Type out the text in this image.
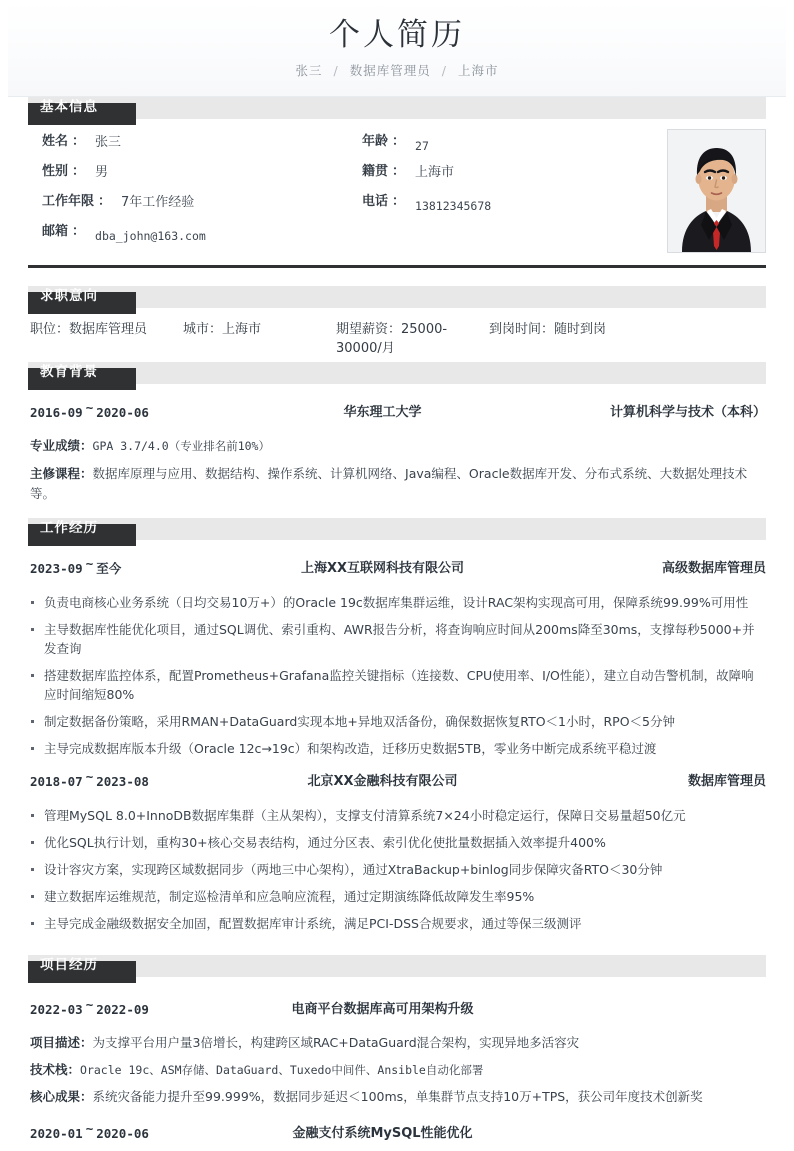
个人简历
张三 / 数据库管理员 / 上海市
基本信息
姓名 ： 张三
性别 ： 男
工作年限 ： 7年工作经验
邮箱 ： dba_john@163.com
年龄 ： 27
籍贯 ： 上海市
电话 ： 13812345678
求职意向
职位：数据库管理员	城市：上海市	期望薪资：25000-30000/月
到岗时间：随时到岗
教育背景
2016-09 ~ 2020-06	华东理工大学	计算机科学与技术（本科）
专业成绩：GPA 3.7/4.0（专业排名前10%）
主修课程：数据库原理与应用、数据结构、操作系统、计算机网络、Java编程、Oracle数据库开发、分布式系统、大数据处理技术等。
工作经历
2023-09 ~ 至今	上海XX互联网科技有限公司	高级数据库管理员
负责电商核心业务系统（日均交易10万+）的Oracle 19c数据库集群运维，设计RAC架构实现高可用，保障系统99.99%可用性
主导数据库性能优化项目，通过SQL调优、索引重构、AWR报告分析，将查询响应时间从200ms降至30ms，支撑每秒5000+并发查询
搭建数据库监控体系，配置Prometheus+Grafana监控关键指标（连接数、CPU使用率、I/O性能），建立自动告警机制，故障响应时间缩短80%
制定数据备份策略，采用RMAN+DataGuard实现本地+异地双活备份，确保数据恢复RTO＜1小时，RPO＜5分钟
主导完成数据库版本升级（Oracle 12c→19c）和架构改造，迁移历史数据5TB，零业务中断完成系统平稳过渡
2018-07 ~ 2023-08	北京XX金融科技有限公司	数据库管理员
管理MySQL 8.0+InnoDB数据库集群（主从架构），支撑支付清算系统7×24小时稳定运行，保障日交易量超50亿元
优化SQL执行计划，重构30+核心交易表结构，通过分区表、索引优化使批量数据插入效率提升400%
设计容灾方案，实现跨区域数据同步（两地三中心架构），通过XtraBackup+binlog同步保障灾备RTO＜30分钟
建立数据库运维规范，制定巡检清单和应急响应流程，通过定期演练降低故障发生率95%
主导完成金融级数据安全加固，配置数据库审计系统，满足PCI-DSS合规要求，通过等保三级测评
项目经历
2022-03 ~ 2022-09	电商平台数据库高可用架构升级
项目描述：为支撑平台用户量3倍增长，构建跨区域RAC+DataGuard混合架构，实现异地多活容灾
技术栈：Oracle 19c、ASM存储、DataGuard、Tuxedo中间件、Ansible自动化部署
核心成果：系统灾备能力提升至99.999%，数据同步延迟＜100ms，单集群节点支持10万+TPS，获公司年度技术创新奖
2020-01 ~ 2020-06	金融支付系统MySQL性能优化
